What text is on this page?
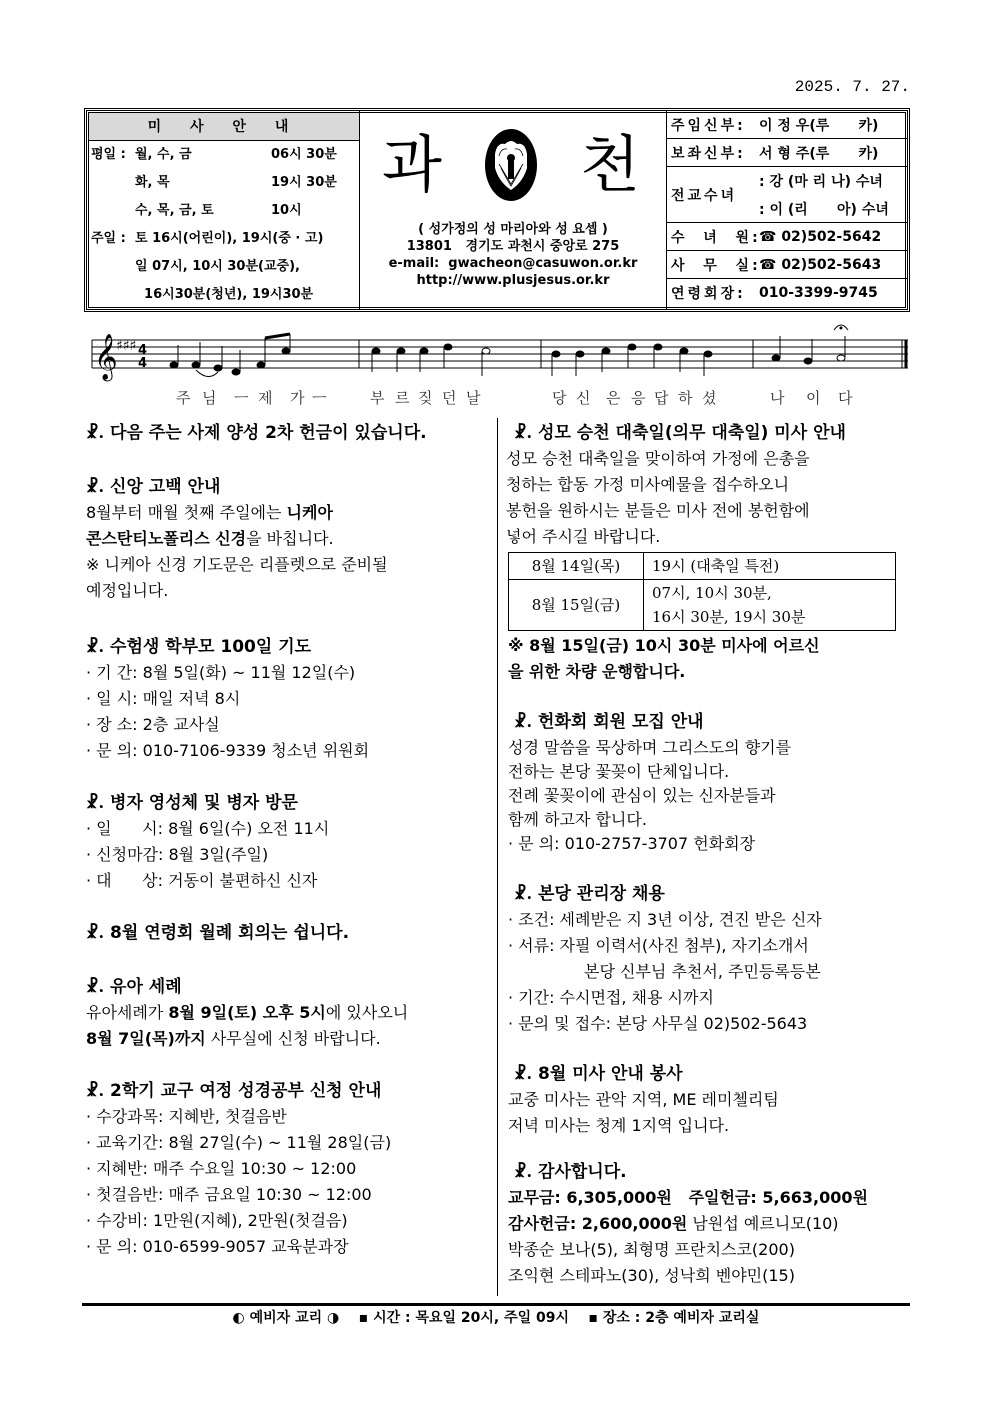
2025. 7. 27.
미 사 안 내
평일 : 월, 수, 금	06시 30분
화, 목	19시 30분
수, 목, 금, 토	10시
주일 : 토 16시(어린이), 19시(중 · 고)
일 07시, 10시 30분(교중),
16시30분(청년), 19시30분
과 천
( 성가정의 성 마리아와 성 요셉 )
13801   경기도 과천시 중앙로 275
e-mail:  gwacheon@casuwon.or.kr
http://www.plusjesus.or.kr
주임신부: 이 정 우(루      카)
보좌신부: 서 형 주(루      카)
전교수녀
: 강 (마 리 나) 수녀
: 이 (리      아) 수녀
수  녀  원:
☎ 02)502-5642
사  무  실:
☎ 02)502-5643
연령회장: 010-3399-9745
𝄞
♯♯♯ 4
4
주 님 ㅡ 제 가 ㅡ	부 르 짖 던 날	당 신 은 응 답 하 셨	나 이 다
☧. 다음 주는 사제 양성 2차 헌금이 있습니다.
☧. 신앙 고백 안내
8월부터 매월 첫째 주일에는 니케아
콘스탄티노폴리스 신경을 바칩니다.
※ 니케아 신경 기도문은 리플렛으로 준비될
예정입니다.
☧. 수험생 학부모 100일 기도
· 기 간: 8월 5일(화) ~ 11월 12일(수)
· 일 시: 매일 저녁 8시
· 장 소: 2층 교사실
· 문 의: 010-7106-9339 청소년 위원회
☧. 병자 영성체 및 병자 방문
· 일      시: 8월 6일(수) 오전 11시
· 신청마감: 8월 3일(주일)
· 대      상: 거동이 불편하신 신자
☧. 8월 연령회 월례 회의는 쉽니다.
☧. 유아 세례
유아세례가 8월 9일(토) 오후 5시에 있사오니
8월 7일(목)까지 사무실에 신청 바랍니다.
☧. 2학기 교구 여정 성경공부 신청 안내
· 수강과목: 지혜반, 첫걸음반
· 교육기간: 8월 27일(수) ~ 11월 28일(금)
· 지혜반: 매주 수요일 10:30 ~ 12:00
· 첫걸음반: 매주 금요일 10:30 ~ 12:00
· 수강비: 1만원(지혜), 2만원(첫걸음)
· 문 의: 010-6599-9057 교육분과장
☧. 성모 승천 대축일(의무 대축일) 미사 안내
성모 승천 대축일을 맞이하여 가정에 은총을
청하는 합동 가정 미사예물을 접수하오니
봉헌을 원하시는 분들은 미사 전에 봉헌함에
넣어 주시길 바랍니다.
8월 14일(목)	19시 (대축일 특전)
8월 15일(금)	07시, 10시 30분,
16시 30분, 19시 30분
※ 8월 15일(금) 10시 30분 미사에 어르신
을 위한 차량 운행합니다.
☧. 헌화회 회원 모집 안내
성경 말씀을 묵상하며 그리스도의 향기를
전하는 본당 꽃꽂이 단체입니다.
전례 꽃꽂이에 관심이 있는 신자분들과
함께 하고자 합니다.
· 문 의: 010-2757-3707 헌화회장
☧. 본당 관리장 채용
· 조건: 세례받은 지 3년 이상, 견진 받은 신자
· 서류: 자필 이력서(사진 첨부), 자기소개서
본당 신부님 추천서, 주민등록등본
· 기간: 수시면접, 채용 시까지
· 문의 및 접수: 본당 사무실 02)502-5643
☧. 8월 미사 안내 봉사
교중 미사는 관악 지역, ME 레미첼리팀
저녁 미사는 청계 1지역 입니다.
☧. 감사합니다.
교무금: 6,305,000원   주일헌금: 5,663,000원
감사헌금: 2,600,000원 남원섭 예르니모(10)
박종순 보나(5), 최형명 프란치스코(200)
조익현 스테파노(30), 성낙희 벤야민(15)
◐ 예비자 교리 ◑    ▪ 시간 : 목요일 20시, 주일 09시    ▪ 장소 : 2층 예비자 교리실
